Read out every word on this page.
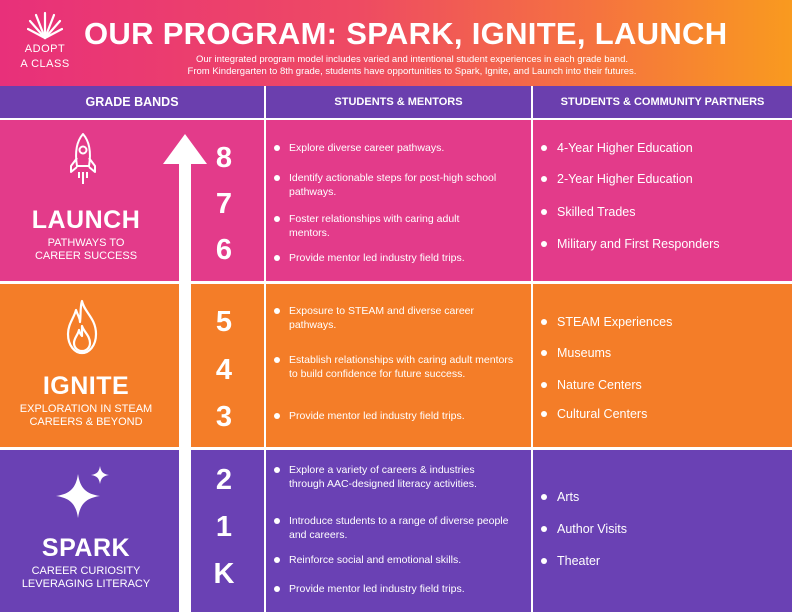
ADOPT
A CLASS
OUR PROGRAM: SPARK, IGNITE, LAUNCH
Our integrated program model includes varied and intentional student experiences in each grade band.
From Kindergarten to 8th grade, students have opportunities to Spark, Ignite, and Launch into their futures.
GRADE BANDS	STUDENTS & MENTORS	STUDENTS & COMMUNITY PARTNERS
LAUNCH
PATHWAYS TO
CAREER SUCCESS
8
7
6
Explore diverse career pathways.
Identify actionable steps for post-high school pathways.
Foster relationships with caring adult mentors.
Provide mentor led industry field trips.
4-Year Higher Education
2-Year Higher Education
Skilled Trades
Military and First Responders
IGNITE
EXPLORATION IN STEAM
CAREERS & BEYOND
5
4
3
Exposure to STEAM and diverse career pathways.
Establish relationships with caring adult mentors to build confidence for future success.
Provide mentor led industry field trips.
STEAM Experiences
Museums
Nature Centers
Cultural Centers
SPARK
CAREER CURIOSITY
LEVERAGING LITERACY
2
1
K
Explore a variety of careers & industries through AAC-designed literacy activities.
Introduce students to a range of diverse people and careers.
Reinforce social and emotional skills.
Provide mentor led industry field trips.
Arts
Author Visits
Theater
